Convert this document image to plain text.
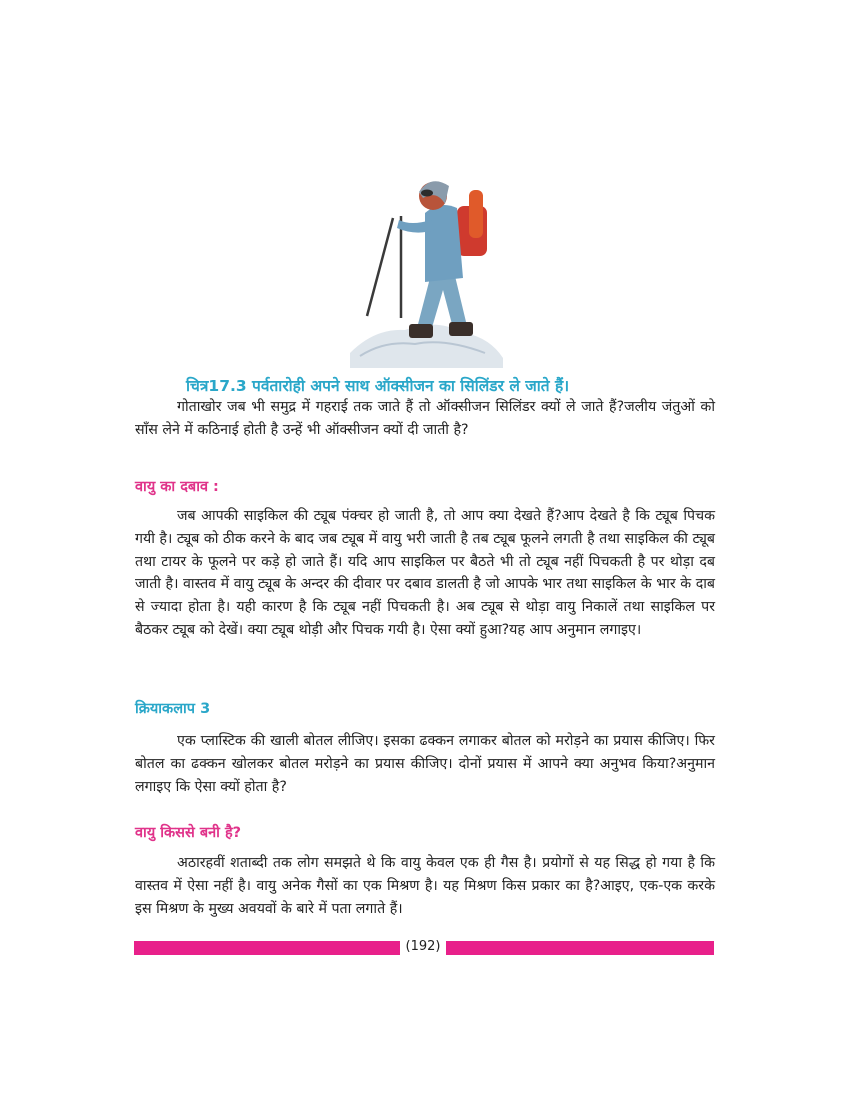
चित्र17.3 पर्वतारोही अपने साथ ऑक्सीजन का सिलिंडर ले जाते हैं।

गोताखोर जब भी समुद्र में गहराई तक जाते हैं तो ऑक्सीजन सिलिंडर क्यों ले जाते हैं?जलीय जंतुओं को साँस लेने में कठिनाई होती है उन्हें भी ऑक्सीजन क्यों दी जाती है?

वायु का दबाव :

जब आपकी साइकिल की ट्यूब पंक्चर हो जाती है, तो आप क्या देखते हैं?आप देखते है कि ट्यूब पिचक गयी है। ट्यूब को ठीक करने के बाद जब ट्यूब में वायु भरी जाती है तब ट्यूब फूलने लगती है तथा साइकिल की ट्यूब तथा टायर के फूलने पर कड़े हो जाते हैं। यदि आप साइकिल पर बैठते भी तो ट्यूब नहीं पिचकती है पर थोड़ा दब जाती है। वास्तव में वायु ट्यूब के अन्दर की दीवार पर दबाव डालती है जो आपके भार तथा साइकिल के भार के दाब से ज्यादा होता है। यही कारण है कि ट्यूब नहीं पिचकती है। अब ट्यूब से थोड़ा वायु निकालें तथा साइकिल पर बैठकर ट्यूब को देखें। क्या ट्यूब थोड़ी और पिचक गयी है। ऐसा क्यों हुआ?यह आप अनुमान लगाइए।

क्रियाकलाप 3

एक प्लास्टिक की खाली बोतल लीजिए। इसका ढक्कन लगाकर बोतल को मरोड़ने का प्रयास कीजिए। फिर बोतल का ढक्कन खोलकर बोतल मरोड़ने का प्रयास कीजिए। दोनों प्रयास में आपने क्या अनुभव किया?अनुमान लगाइए कि ऐसा क्यों होता है?

वायु किससे बनी है?

अठारहवीं शताब्दी तक लोग समझते थे कि वायु केवल एक ही गैस है। प्रयोगों से यह सिद्ध हो गया है कि वास्तव में ऐसा नहीं है। वायु अनेक गैसों का एक मिश्रण है। यह मिश्रण किस प्रकार का है?आइए, एक-एक करके इस मिश्रण के मुख्य अवयवों के बारे में पता लगाते हैं।

(192)
